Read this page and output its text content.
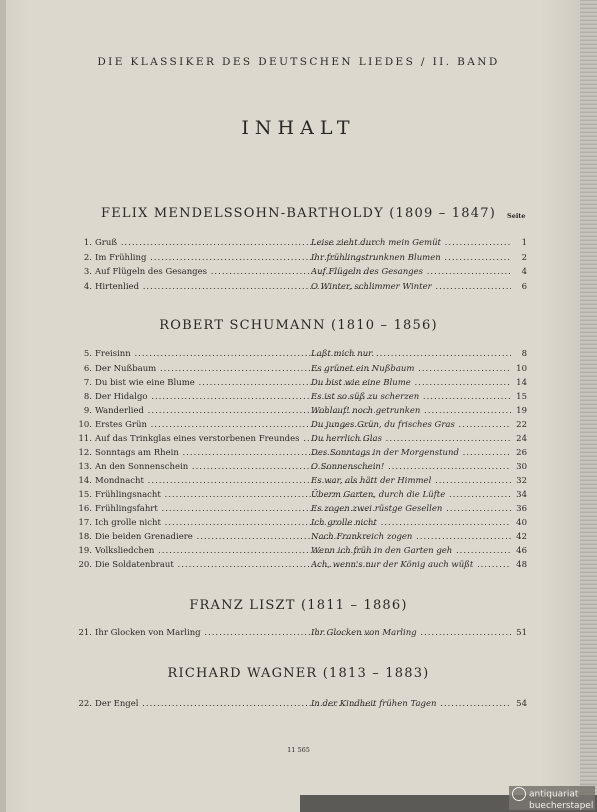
DIE KLASSIKER DES DEUTSCHEN LIEDES / II. BAND
INHALT
Seite
FELIX MENDELSSOHN-BARTHOLDY (1809 – 1847)
1. Gruß .....	Leise zieht durch mein Gemüt .....	1
2. Im Frühling .....	Ihr frühlingstrunknen Blumen .....	2
3. Auf Flügeln des Gesanges .....	Auf Flügeln des Gesanges .....	4
4. Hirtenlied .....	O Winter, schlimmer Winter .....	6
ROBERT SCHUMANN (1810 – 1856)
5. Freisinn .....	Laßt mich nur .....	8
6. Der Nußbaum .....	Es grünet ein Nußbaum .....	10
7. Du bist wie eine Blume .....	Du bist wie eine Blume .....	14
8. Der Hidalgo .....	Es ist so süß zu scherzen .....	15
9. Wanderlied .....	Wohlauf! noch getrunken .....	19
10. Erstes Grün .....	Du junges Grün, du frisches Gras .....	22
11. Auf das Trinkglas eines verstorbenen Freundes .....	Du herrlich Glas .....	24
12. Sonntags am Rhein .....	Des Sonntags in der Morgenstund .....	26
13. An den Sonnenschein .....	O Sonnenschein! .....	30
14. Mondnacht .....	Es war, als hätt der Himmel .....	32
15. Frühlingsnacht .....	Überm Garten, durch die Lüfte .....	34
16. Frühlingsfahrt .....	Es zogen zwei rüstge Gesellen .....	36
17. Ich grolle nicht .....	Ich grolle nicht .....	40
18. Die beiden Grenadiere .....	Nach Frankreich zogen .....	42
19. Volksliedchen .....	Wenn ich früh in den Garten geh .....	46
20. Die Soldatenbraut .....	Ach, wenn's nur der König auch wüßt .....	48
FRANZ LISZT (1811 – 1886)
21. Ihr Glocken von Marling .....	Ihr Glocken von Marling .....	51
RICHARD WAGNER (1813 – 1883)
22. Der Engel .....	In der Kindheit frühen Tagen .....	54
11 565
antiquariat
buecherstapel
